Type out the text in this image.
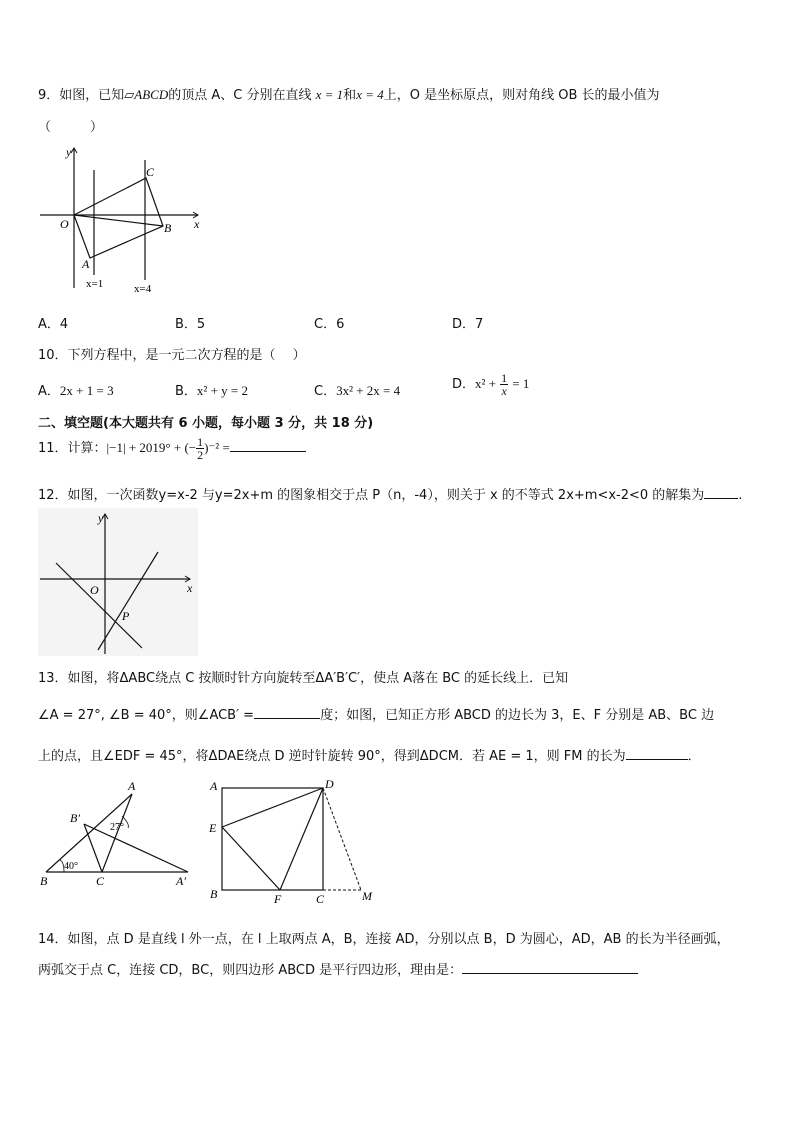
9．如图，已知▱ABCD的顶点 A、C 分别在直线 x = 1和x = 4上，O 是坐标原点，则对角线 OB 长的最小值为
（　　　）
y
x
O
A
B
C
x=1	x=4
A．4	B．5	C．6	D．7
10．下列方程中，是一元二次方程的是（　 ）
A．2x + 1 = 3	B．x² + y = 2	C．3x² + 2x = 4	D．$x^2 + \frac{1}{x} = 1$
二、填空题(本大题共有 6 小题，每小题 3 分，共 18 分)
11．计算：|−1| + 2019° + (− $\frac{1}{2} )^{-2}$ =
12．如图，一次函数y=x-2 与y=2x+m 的图象相交于点 P（n，-4），则关于 x 的不等式 2x+m<x-2<0 的解集为	.
y
x
O
P
13．如图，将ΔABC绕点 C 按顺时针方向旋转至ΔA′B′C′，使点 A落在 BC 的延长线上．已知
∠A = 27°, ∠B = 40°，则∠ACB′ =	度；如图，已知正方形 ABCD 的边长为 3，E、F 分别是 AB、BC 边
上的点，且∠EDF = 45°，将ΔDAE绕点 D 逆时针旋转 90°，得到ΔDCM．若 AE = 1，则 FM 的长为	．
A
B	C	A′
B′
27°
40°
A
B	C
D
E
F	M
14．如图，点 D 是直线 l 外一点，在 l 上取两点 A，B，连接 AD，分别以点 B，D 为圆心，AD，AB 的长为半径画弧，
两弧交于点 C，连接 CD，BC，则四边形 ABCD 是平行四边形，理由是：
